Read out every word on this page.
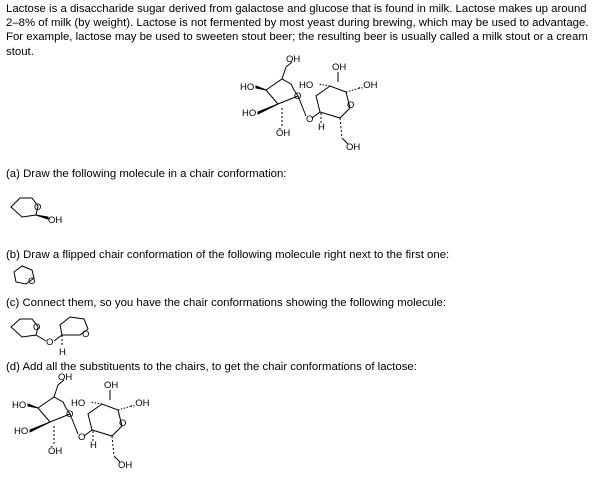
Lactose is a disaccharide sugar derived from galactose and glucose that is found in milk. Lactose makes up around 2–8% of milk (by weight). Lactose is not fermented by most yeast during brewing, which may be used to advantage. For example, lactose may be used to sweeten stout beer; the resulting beer is usually called a milk stout or a cream stout.

OH
HO	HO
O
HO
ŌH
O
H
OH
O
,,OH
OH

(a) Draw the following molecule in a chair conformation:

O
OH

(b) Draw a flipped chair conformation of the following molecule right next to the first one:

O

(c) Connect them, so you have the chair conformations showing the following molecule:

O
O
H
O

(d) Add all the substituents to the chairs, to get the chair conformations of lactose:

OH
HO	HO
O
HO
ŌH
O
H
OH
O
,,OH
OH
